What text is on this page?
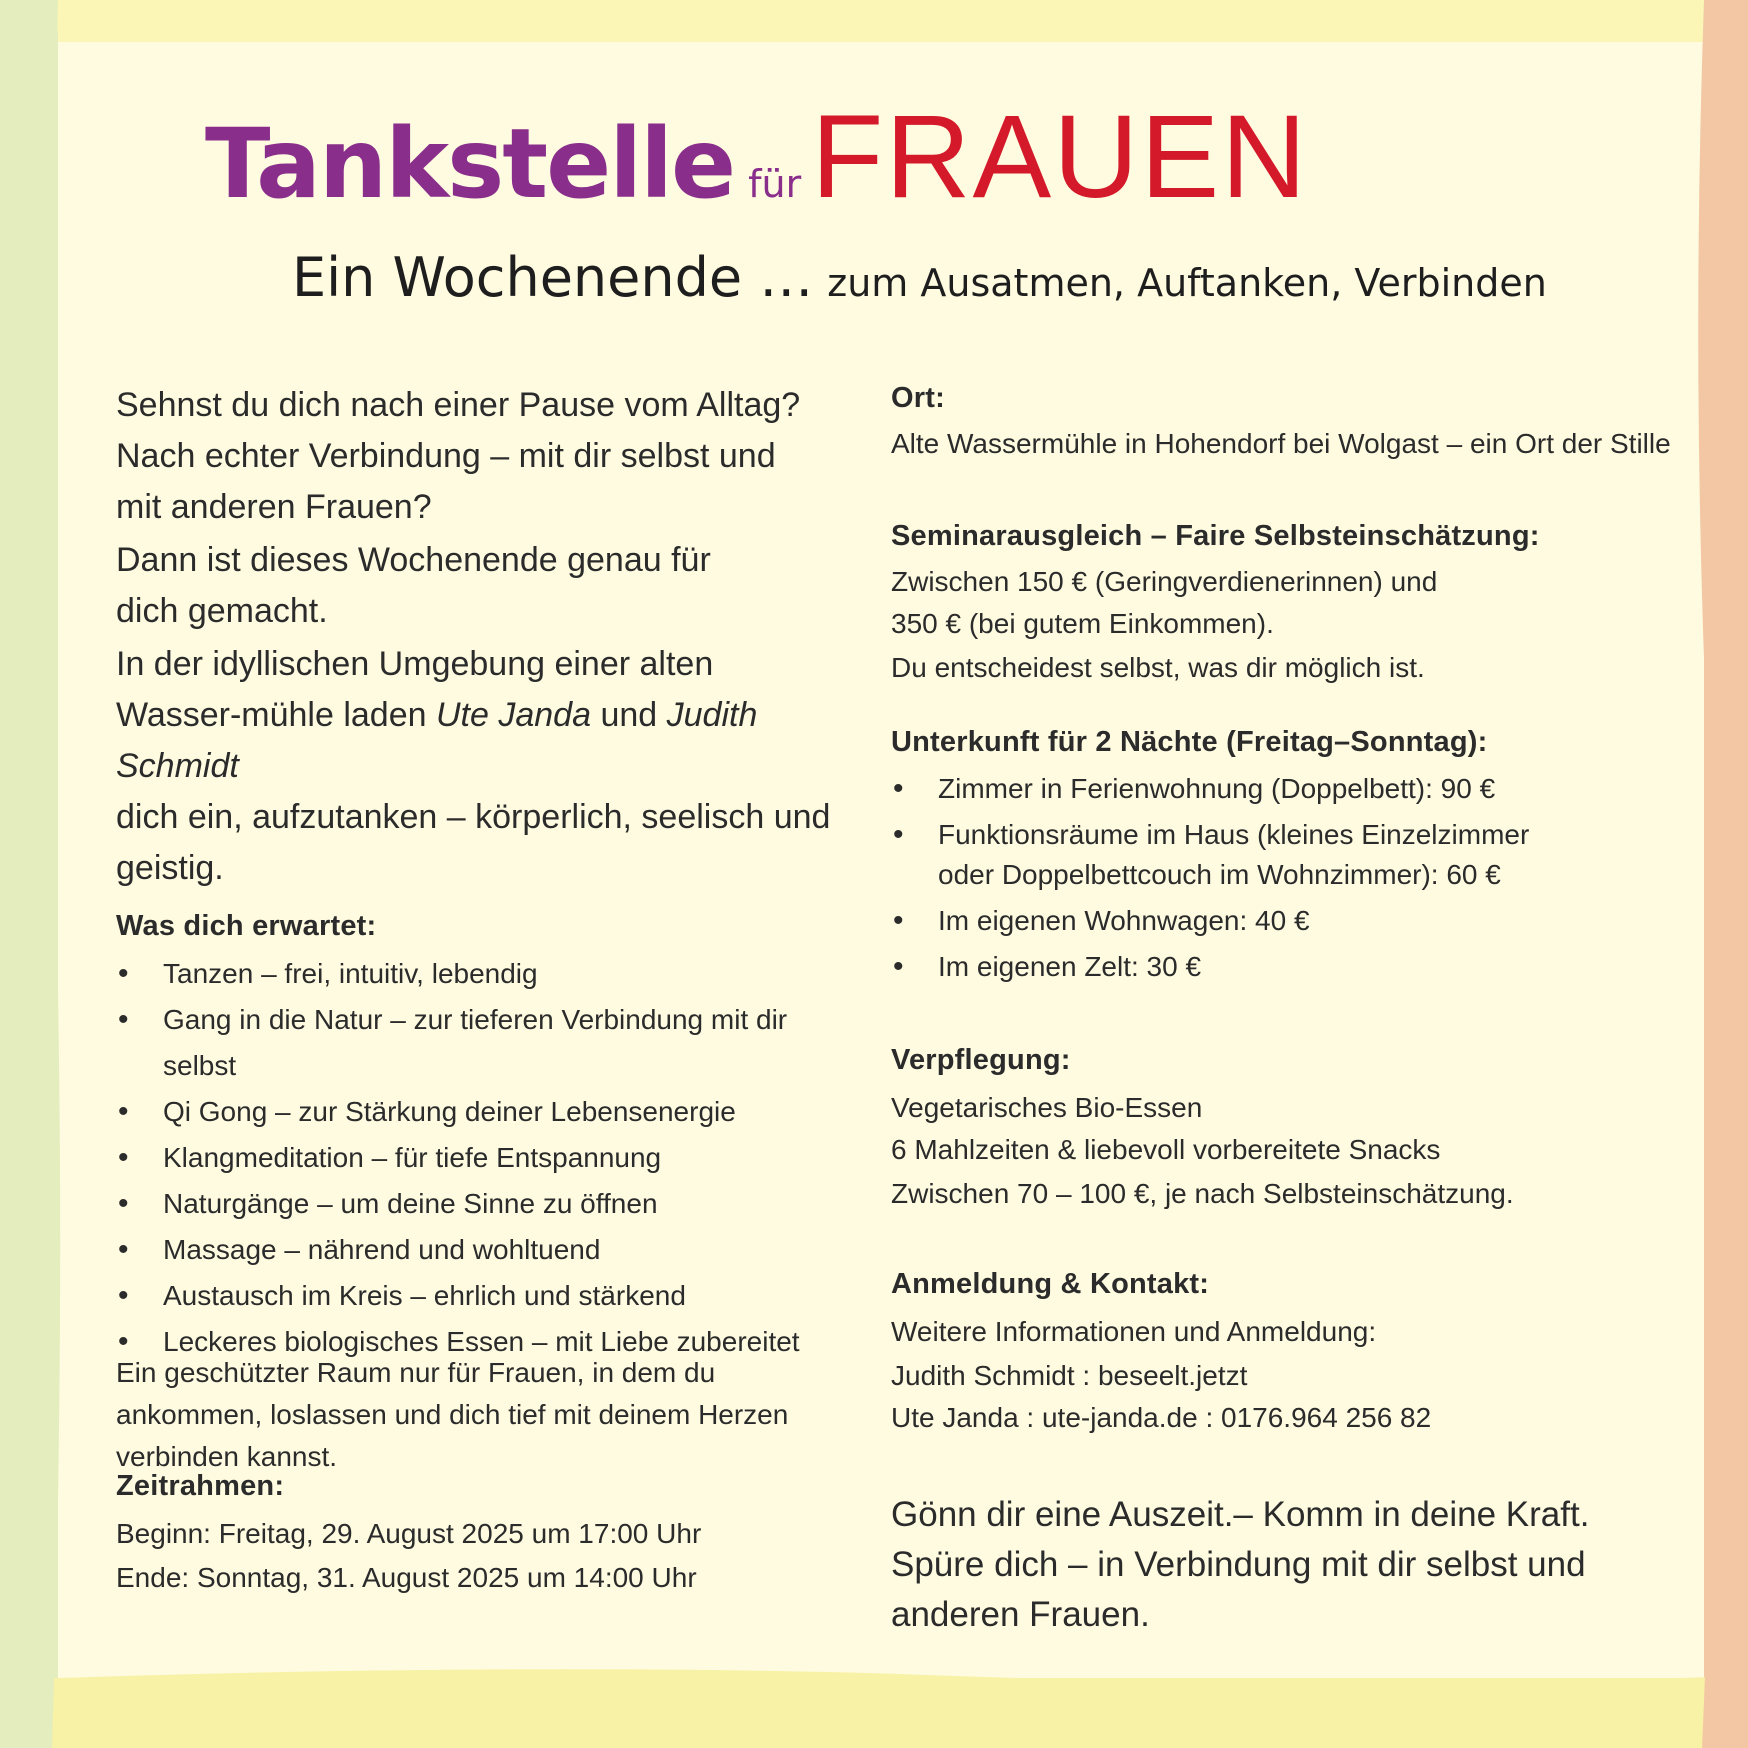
Tankstelle fürFRAUEN
Ein Wochenende … zum Ausatmen, Auftanken, Verbinden

Sehnst du dich nach einer Pause vom Alltag? Nach echter Verbindung – mit dir selbst und mit anderen Frauen?

Dann ist dieses Wochenende genau für dich gemacht.

In der idyllischen Umgebung einer alten Wasser-mühle laden Ute Janda und Judith Schmidt
dich ein, aufzutanken – körperlich, seelisch und geistig.

Was dich erwartet:

• Tanzen – frei, intuitiv, lebendig
• Gang in die Natur – zur tieferen Verbindung mit dir selbst
• Qi Gong – zur Stärkung deiner Lebensenergie
• Klangmeditation – für tiefe Entspannung
• Naturgänge – um deine Sinne zu öffnen
• Massage – nährend und wohltuend
• Austausch im Kreis – ehrlich und stärkend
• Leckeres biologisches Essen – mit Liebe zubereitet

Ein geschützter Raum nur für Frauen, in dem du ankommen, loslassen und dich tief mit deinem Herzen verbinden kannst.

Zeitrahmen:

Beginn: Freitag, 29. August 2025 um 17:00 Uhr

Ende: Sonntag, 31. August 2025 um 14:00 Uhr

Ort:

Alte Wassermühle in Hohendorf bei Wolgast – ein Ort der Stille

Seminarausgleich – Faire Selbsteinschätzung:

Zwischen 150 € (Geringverdienerinnen) und

350 € (bei gutem Einkommen).

Du entscheidest selbst, was dir möglich ist.

Unterkunft für 2 Nächte (Freitag–Sonntag):

• Zimmer in Ferienwohnung (Doppelbett): 90 €
• Funktionsräume im Haus (kleines Einzelzimmer oder Doppelbettcouch im Wohnzimmer): 60 €
• Im eigenen Wohnwagen: 40 €
• Im eigenen Zelt: 30 €

Verpflegung:

Vegetarisches Bio-Essen

6 Mahlzeiten & liebevoll vorbereitete Snacks

Zwischen 70 – 100 €, je nach Selbsteinschätzung.

Anmeldung & Kontakt:

Weitere Informationen und Anmeldung:

Judith Schmidt : beseelt.jetzt

Ute Janda : ute-janda.de : 0176.964 256 82

Gönn dir eine Auszeit.– Komm in deine Kraft. Spüre dich – in Verbindung mit dir selbst und anderen Frauen.
